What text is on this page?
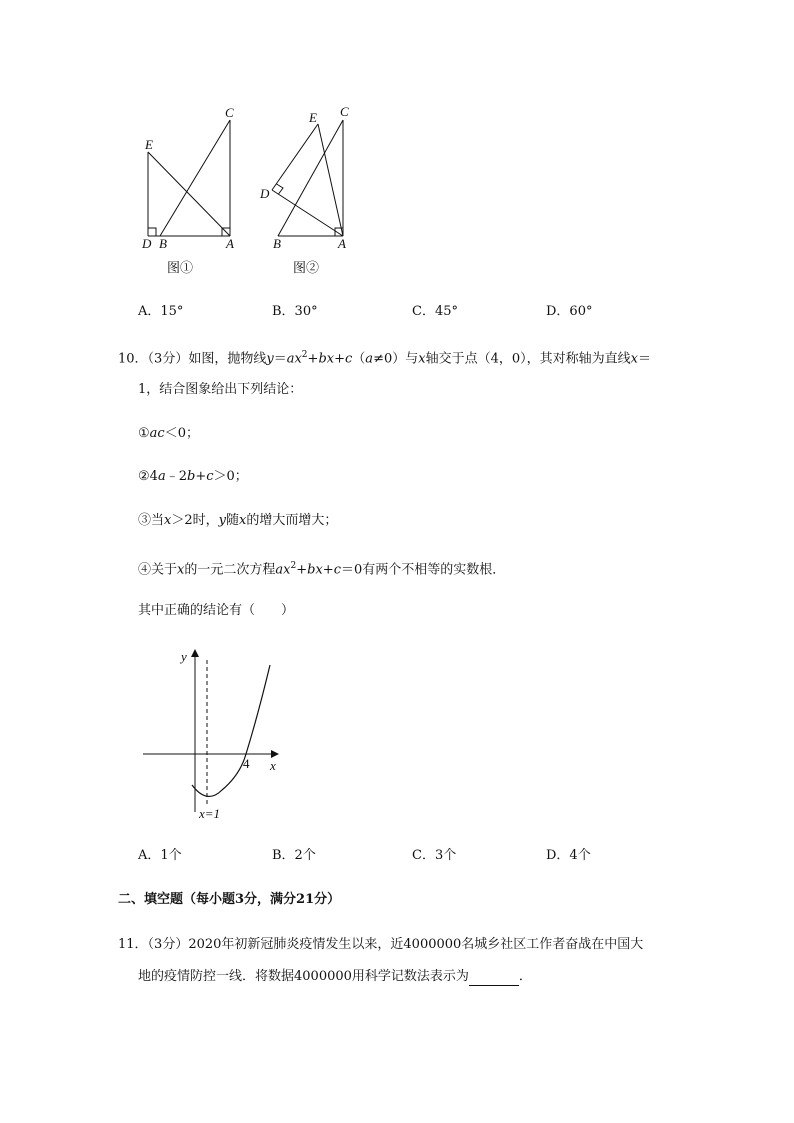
E
C
D B	A
图①
E C
D
B	A
图②
A．15°	B．30°	C．45°	D．60°
10．（3分）如图，抛物线$y=ax^2+bx+c(a\ne 0)$与x轴交于点（4，0），其对称轴为直线x＝
1，结合图象给出下列结论：
①ac＜0；
②4a﹣2b+c＞0；
③当x＞2时，y随x的增大而增大；
④关于x的一元二次方程$ax^2+bx+c=0$有两个不相等的实数根．
其中正确的结论有（　　）
y
x
4
x=1
A．1个	B．2个	C．3个	D．4个
二、填空题（每小题3分，满分21分）
11．（3分）2020年初新冠肺炎疫情发生以来，近4000000名城乡社区工作者奋战在中国大
地的疫情防控一线．将数据4000000用科学记数法表示为	．
